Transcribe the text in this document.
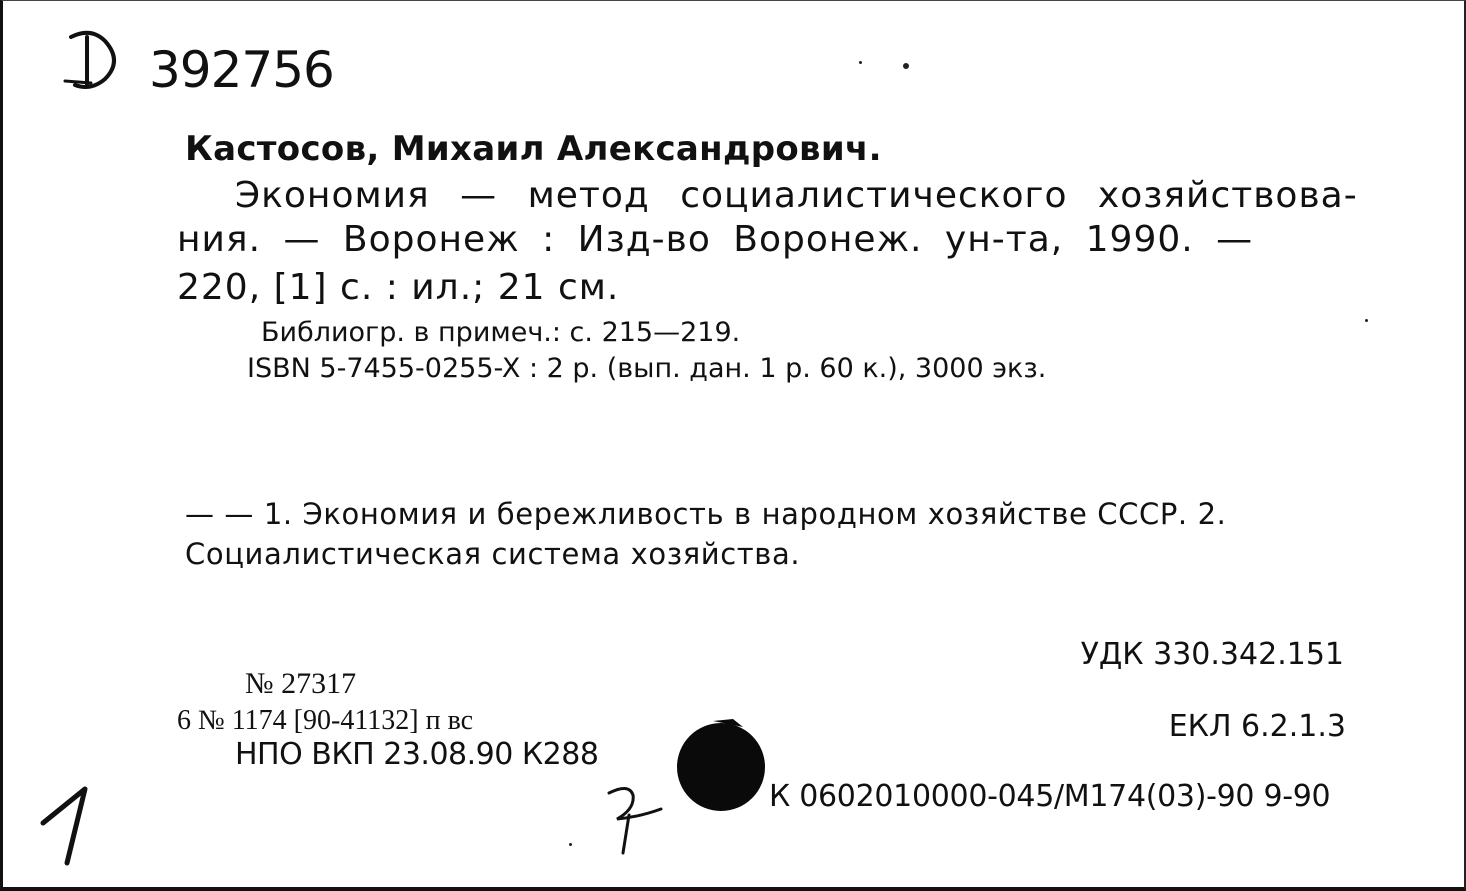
392756
Кастосов, Михаил Александрович.
Экономия — метод социалистического хозяйствова-
ния. — Воронеж : Изд-во Воронеж. ун-та, 1990. —
220, [1] с. : ил.; 21 см.
Библиогр. в примеч.: с. 215—219.
ISBN 5-7455-0255-X : 2 р. (вып. дан. 1 р. 60 к.), 3000 экз.
— — 1. Экономия и бережливость в народном хозяйстве СССР. 2.
Социалистическая система хозяйства.
УДК 330.342.151
ЕКЛ 6.2.1.3
К 0602010000-045/М174(03)-90 9-90
№ 27317
6 № 1174 [90-41132] п вс
НПО ВКП 23.08.90 К288
